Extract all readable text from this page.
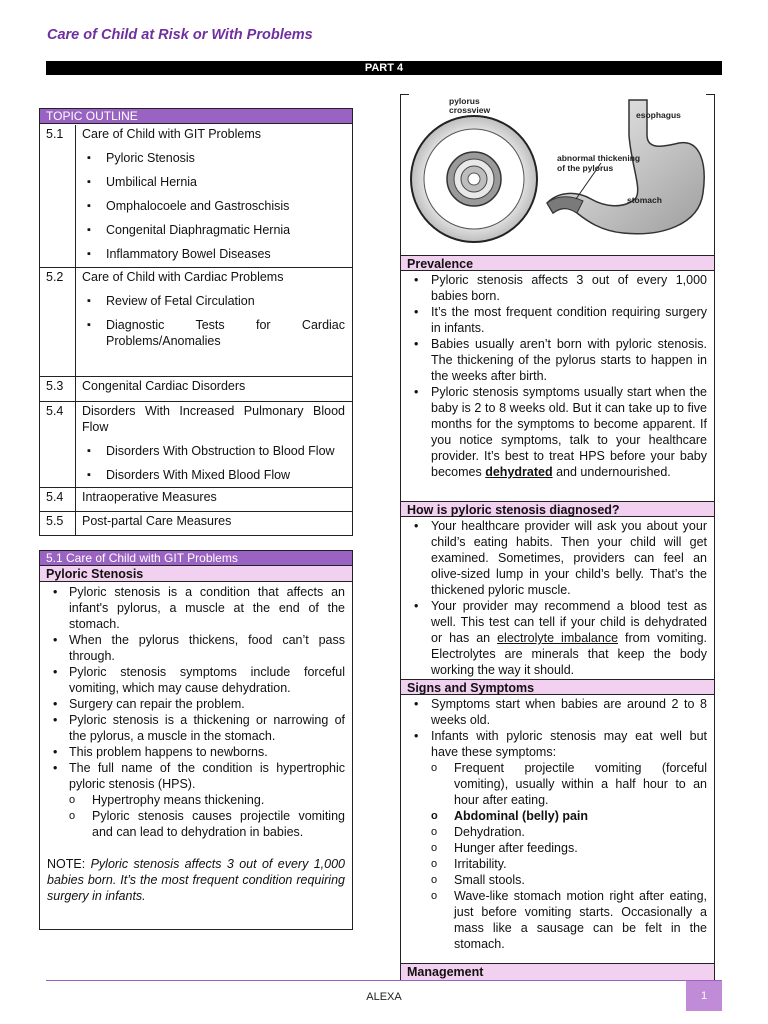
Care of Child at Risk or With Problems
PART 4
TOPIC OUTLINE
5.1	Care of Child with GIT Problems
▪ Pyloric Stenosis
▪ Umbilical Hernia
▪ Omphalocoele and Gastroschisis
▪ Congenital Diaphragmatic Hernia
▪ Inflammatory Bowel Diseases
5.2	Care of Child with Cardiac Problems
▪ Review of Fetal Circulation
▪ Diagnostic Tests for Cardiac
Problems/Anomalies
5.3	Congenital Cardiac Disorders
5.4	Disorders With Increased Pulmonary Blood Flow
▪ Disorders With Obstruction to Blood Flow
▪ Disorders With Mixed Blood Flow
5.4	Intraoperative Measures
5.5	Post-partal Care Measures
5.1 Care of Child with GIT Problems
Pyloric Stenosis
• Pyloric stenosis is a condition that affects an infant's pylorus, a muscle at the end of the stomach.
• When the pylorus thickens, food can’t pass through.
• Pyloric stenosis symptoms include forceful vomiting, which may cause dehydration.
• Surgery can repair the problem.
• Pyloric stenosis is a thickening or narrowing of the pylorus, a muscle in the stomach.
• This problem happens to newborns.
• The full name of the condition is hypertrophic pyloric stenosis (HPS).
o Hypertrophy means thickening.
o Pyloric stenosis causes projectile vomiting and can lead to dehydration in babies.
NOTE: Pyloric stenosis affects 3 out of every 1,000 babies born. It’s the most frequent condition requiring surgery in infants.
pylorus
crossview	esophagus
abnormal thickening
of the pylorus
stomach
Prevalence
• Pyloric stenosis affects 3 out of every 1,000 babies born.
• It’s the most frequent condition requiring surgery in infants.
• Babies usually aren’t born with pyloric stenosis. The thickening of the pylorus starts to happen in the weeks after birth.
• Pyloric stenosis symptoms usually start when the baby is 2 to 8 weeks old. But it can take up to five months for the symptoms to become apparent. If you notice symptoms, talk to your healthcare provider. It’s best to treat HPS before your baby becomes dehydrated and undernourished.
How is pyloric stenosis diagnosed?
• Your healthcare provider will ask you about your child’s eating habits. Then your child will get examined. Sometimes, providers can feel an olive-sized lump in your child’s belly. That’s the thickened pyloric muscle.
• Your provider may recommend a blood test as well. This test can tell if your child is dehydrated or has an electrolyte imbalance from vomiting. Electrolytes are minerals that keep the body working the way it should.
Signs and Symptoms
• Symptoms start when babies are around 2 to 8 weeks old.
• Infants with pyloric stenosis may eat well but have these symptoms:
o Frequent projectile vomiting (forceful vomiting), usually within a half hour to an hour after eating.
o Abdominal (belly) pain
o Dehydration.
o Hunger after feedings.
o Irritability.
o Small stools.
o Wave-like stomach motion right after eating, just before vomiting starts. Occasionally a mass like a sausage can be felt in the stomach.
Management
ALEXA	1
